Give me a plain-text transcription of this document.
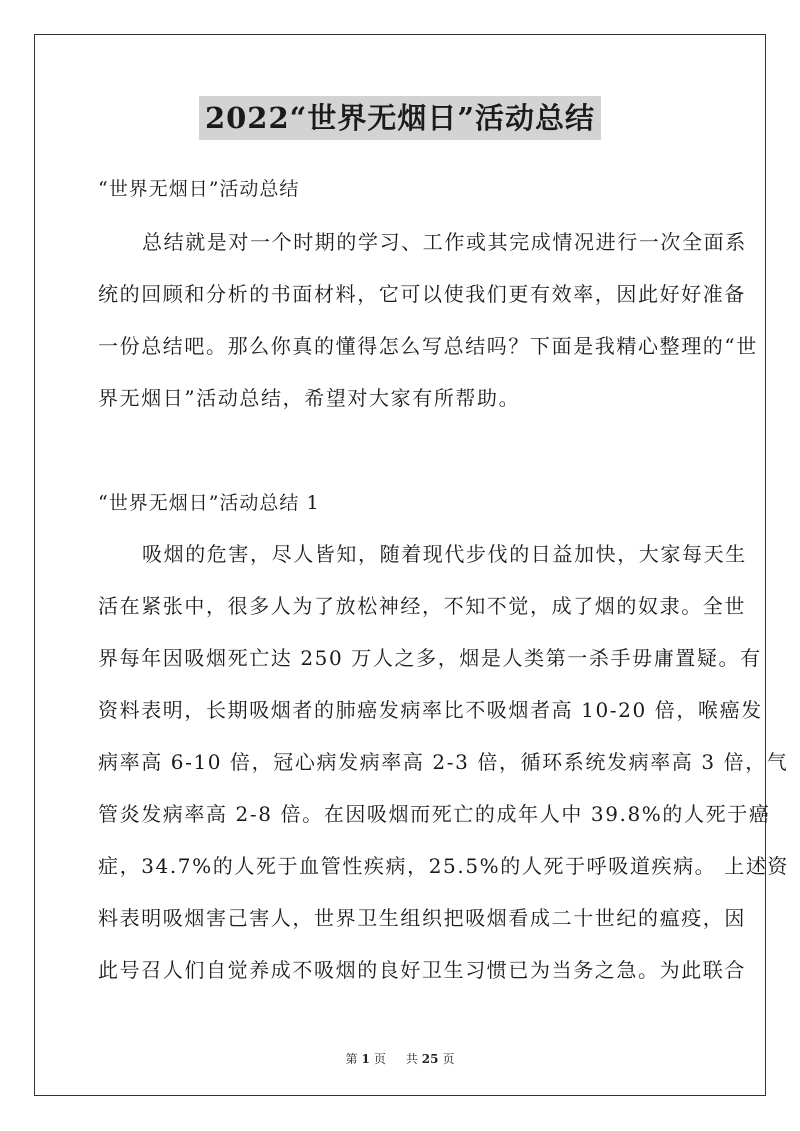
2022“世界无烟日”活动总结
“世界无烟日”活动总结
总结就是对一个时期的学习、工作或其完成情况进行一次全面系
统的回顾和分析的书面材料，它可以使我们更有效率，因此好好准备
一份总结吧。那么你真的懂得怎么写总结吗？下面是我精心整理的“世
界无烟日”活动总结，希望对大家有所帮助。
“世界无烟日”活动总结 1
吸烟的危害，尽人皆知，随着现代步伐的日益加快，大家每天生
活在紧张中，很多人为了放松神经，不知不觉，成了烟的奴隶。全世
界每年因吸烟死亡达 250 万人之多，烟是人类第一杀手毋庸置疑。有
资料表明，长期吸烟者的肺癌发病率比不吸烟者高 10-20 倍，喉癌发
病率高 6-10 倍，冠心病发病率高 2-3 倍，循环系统发病率高 3 倍，气
管炎发病率高 2-8 倍。在因吸烟而死亡的成年人中 39.8%的人死于癌
症，34.7%的人死于血管性疾病，25.5%的人死于呼吸道疾病。 上述资
料表明吸烟害己害人，世界卫生组织把吸烟看成二十世纪的瘟疫，因
此号召人们自觉养成不吸烟的良好卫生习惯已为当务之急。为此联合
第 1 页 共 25 页
